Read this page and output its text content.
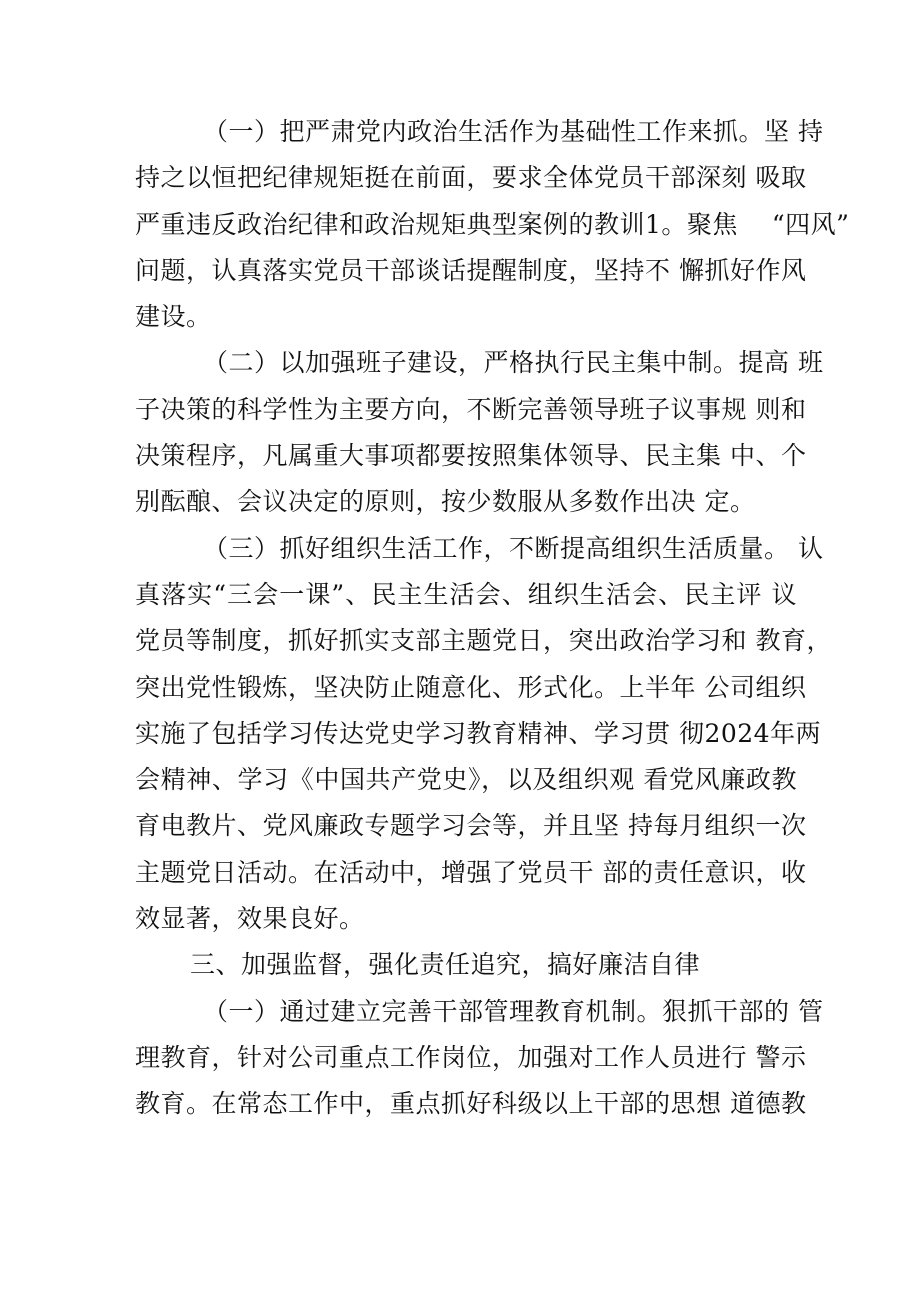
（一）把严肃党内政治生活作为基础性工作来抓。坚 持
持之以恒把纪律规矩挺在前面，要求全体党员干部深刻 吸取
严重违反政治纪律和政治规矩典型案例的教训1。聚焦　 “四风”
问题，认真落实党员干部谈话提醒制度，坚持不 懈抓好作风
建设。
（二）以加强班子建设，严格执行民主集中制。提高 班
子决策的科学性为主要方向，不断完善领导班子议事规 则和
决策程序，凡属重大事项都要按照集体领导、民主集 中、个
别酝酿、会议决定的原则，按少数服从多数作出决 定。
（三）抓好组织生活工作，不断提高组织生活质量。 认
真落实“三会一课”、民主生活会、组织生活会、民主评 议
党员等制度，抓好抓实支部主题党日，突出政治学习和 教育，
突出党性锻炼，坚决防止随意化、形式化。上半年 公司组织
实施了包括学习传达党史学习教育精神、学习贯 彻2024年两
会精神、学习《中国共产党史》，以及组织观 看党风廉政教
育电教片、党风廉政专题学习会等，并且坚 持每月组织一次
主题党日活动。在活动中，增强了党员干 部的责任意识，收
效显著，效果良好。
三、加强监督，强化责任追究，搞好廉洁自律
（一）通过建立完善干部管理教育机制。狠抓干部的 管
理教育，针对公司重点工作岗位，加强对工作人员进行 警示
教育。在常态工作中，重点抓好科级以上干部的思想 道德教
